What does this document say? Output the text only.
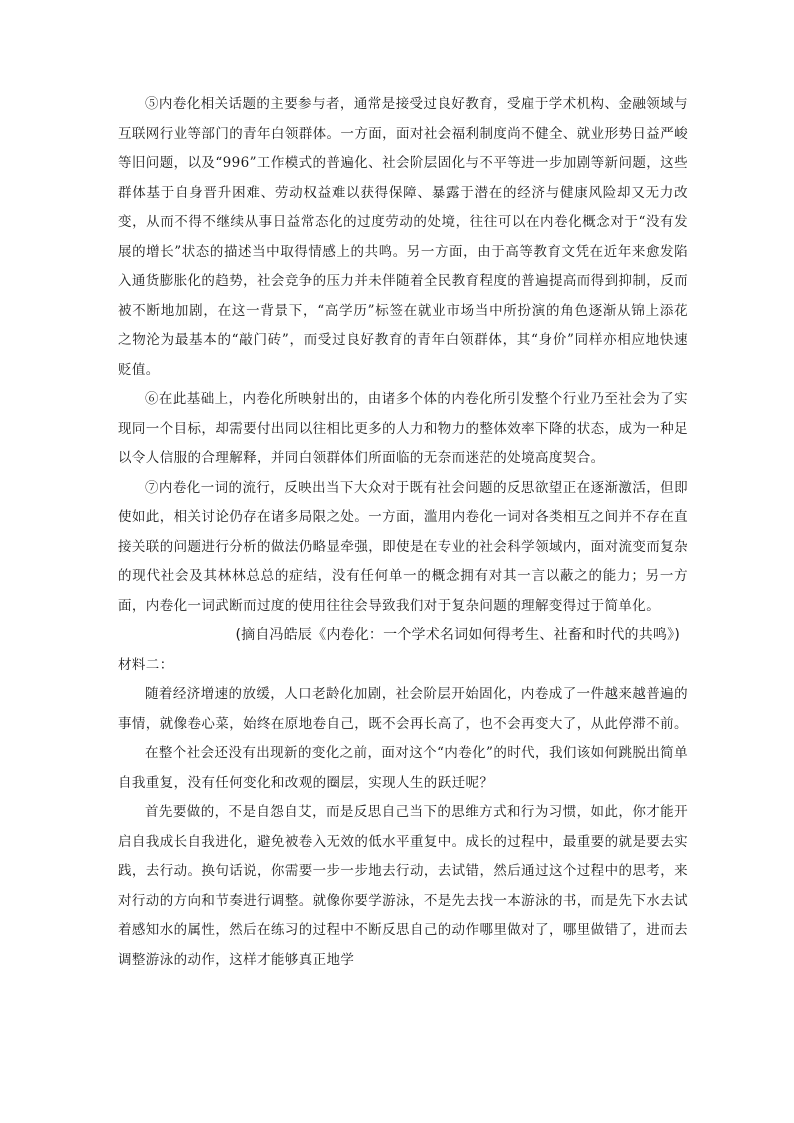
⑤内卷化相关话题的主要参与者，通常是接受过良好教育，受雇于学术机构、金融领域与互联网行业等部门的青年白领群体。一方面，面对社会福利制度尚不健全、就业形势日益严峻等旧问题，以及“996”工作模式的普遍化、社会阶层固化与不平等进一步加剧等新问题，这些群体基于自身晋升困难、劳动权益难以获得保障、暴露于潜在的经济与健康风险却又无力改变，从而不得不继续从事日益常态化的过度劳动的处境，往往可以在内卷化概念对于“没有发展的增长”状态的描述当中取得情感上的共鸣。另一方面，由于高等教育文凭在近年来愈发陷入通货膨胀化的趋势，社会竞争的压力并未伴随着全民教育程度的普遍提高而得到抑制，反而被不断地加剧，在这一背景下，“高学历”标签在就业市场当中所扮演的角色逐渐从锦上添花之物沦为最基本的“敲门砖”，而受过良好教育的青年白领群体，其“身价”同样亦相应地快速贬值。

⑥在此基础上，内卷化所映射出的，由诸多个体的内卷化所引发整个行业乃至社会为了实现同一个目标，却需要付出同以往相比更多的人力和物力的整体效率下降的状态，成为一种足以令人信服的合理解释，并同白领群体们所面临的无奈而迷茫的处境高度契合。

⑦内卷化一词的流行，反映出当下大众对于既有社会问题的反思欲望正在逐渐激活，但即使如此，相关讨论仍存在诸多局限之处。一方面，滥用内卷化一词对各类相互之间并不存在直接关联的问题进行分析的做法仍略显牵强，即使是在专业的社会科学领域内，面对流变而复杂的现代社会及其林林总总的症结，没有任何单一的概念拥有对其一言以蔽之的能力；另一方面，内卷化一词武断而过度的使用往往会导致我们对于复杂问题的理解变得过于简单化。

(摘自冯皓辰《内卷化：一个学术名词如何得考生、社畜和时代的共鸣》)

材料二：

随着经济增速的放缓，人口老龄化加剧，社会阶层开始固化，内卷成了一件越来越普遍的事情，就像卷心菜，始终在原地卷自己，既不会再长高了，也不会再变大了，从此停滞不前。

在整个社会还没有出现新的变化之前，面对这个“内卷化”的时代，我们该如何跳脱出简单自我重复，没有任何变化和改观的圈层，实现人生的跃迁呢？

首先要做的，不是自怨自艾，而是反思自己当下的思维方式和行为习惯，如此，你才能开启自我成长自我进化，避免被卷入无效的低水平重复中。成长的过程中，最重要的就是要去实践，去行动。换句话说，你需要一步一步地去行动，去试错，然后通过这个过程中的思考，来对行动的方向和节奏进行调整。就像你要学游泳，不是先去找一本游泳的书，而是先下水去试着感知水的属性，然后在练习的过程中不断反思自己的动作哪里做对了，哪里做错了，进而去调整游泳的动作，这样才能够真正地学
